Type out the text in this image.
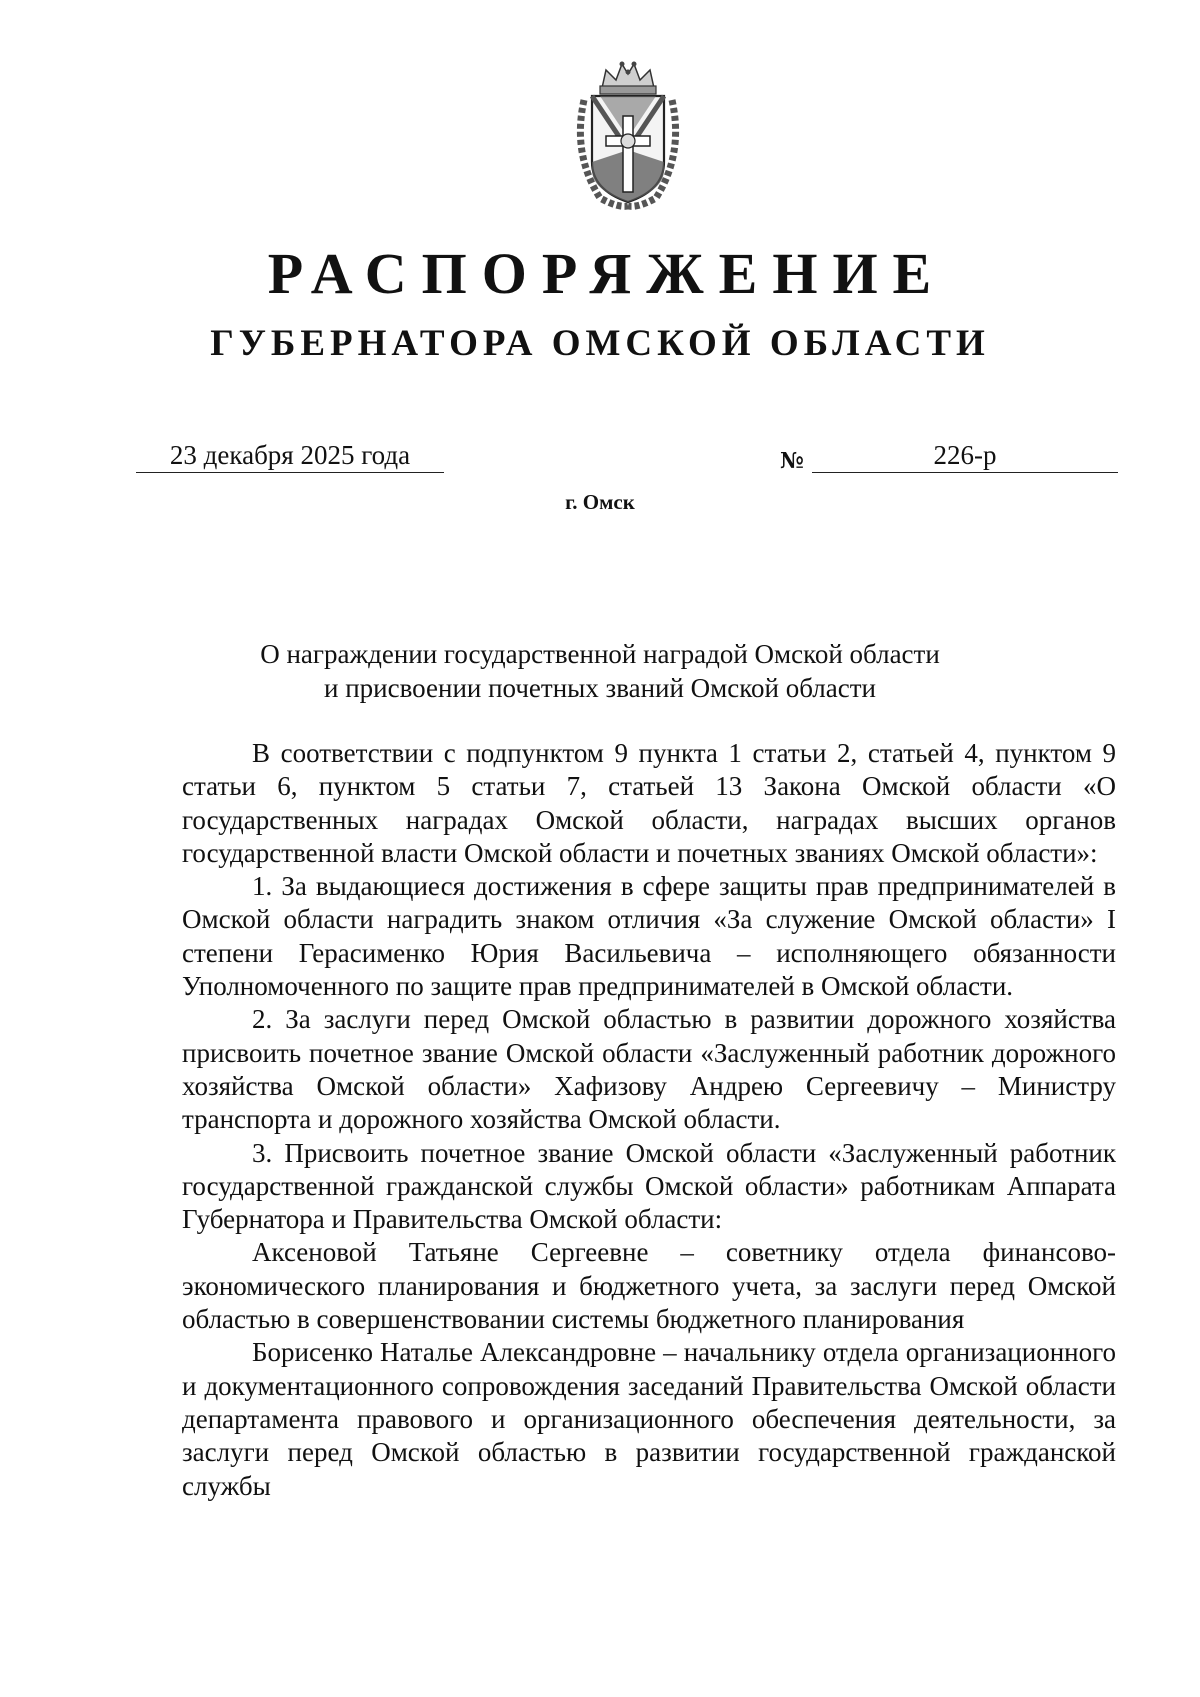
РАСПОРЯЖЕНИЕ
ГУБЕРНАТОРА ОМСКОЙ ОБЛАСТИ
23 декабря 2025 года	№	226-р
г. Омск
О награждении государственной наградой Омской области
и присвоении почетных званий Омской области

В соответствии с подпунктом 9 пункта 1 статьи 2, статьей 4, пунктом 9 статьи 6, пунктом 5 статьи 7, статьей 13 Закона Омской области «О государственных наградах Омской области, наградах высших органов государственной власти Омской области и почетных званиях Омской области»:

1. За выдающиеся достижения в сфере защиты прав предпринимателей в Омской области наградить знаком отличия «За служение Омской области» I степени Герасименко Юрия Васильевича – исполняющего обязанности Уполномоченного по защите прав предпринимателей в Омской области.

2. За заслуги перед Омской областью в развитии дорожного хозяйства присвоить почетное звание Омской области «Заслуженный работник дорожного хозяйства Омской области» Хафизову Андрею Сергеевичу – Министру транспорта и дорожного хозяйства Омской области.

3. Присвоить почетное звание Омской области «Заслуженный работник государственной гражданской службы Омской области» работникам Аппарата Губернатора и Правительства Омской области:

Аксеновой Татьяне Сергеевне – советнику отдела финансово-экономического планирования и бюджетного учета, за заслуги перед Омской областью в совершенствовании системы бюджетного планирования

Борисенко Наталье Александровне – начальнику отдела организационного и документационного сопровождения заседаний Правительства Омской области департамента правового и организационного обеспечения деятельности, за заслуги перед Омской областью в развитии государственной гражданской службы
